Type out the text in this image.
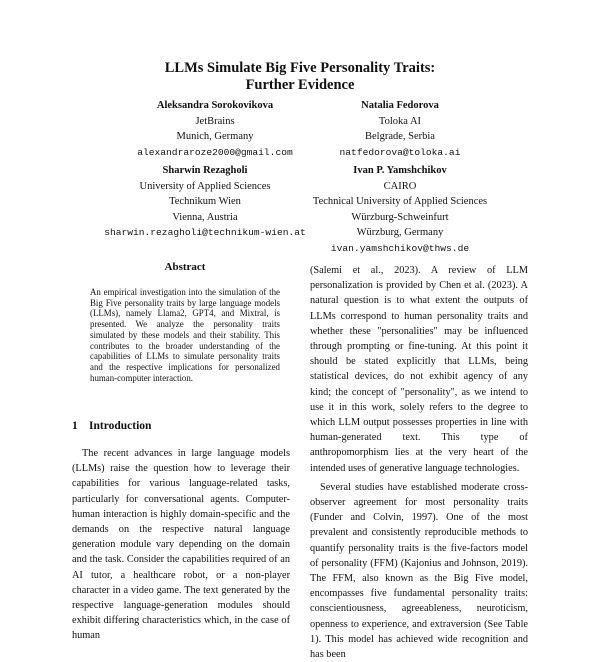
LLMs Simulate Big Five Personality Traits:
Further Evidence
Aleksandra Sorokovikova
JetBrains
Munich, Germany
alexandraroze2000@gmail.com
Natalia Fedorova
Toloka AI
Belgrade, Serbia
natfedorova@toloka.ai
Sharwin Rezagholi
University of Applied Sciences
Technikum Wien
Vienna, Austria
sharwin.rezagholi@technikum-wien.at
Ivan P. Yamshchikov
CAIRO
Technical University of Applied Sciences
Würzburg-Schweinfurt
Würzburg, Germany
ivan.yamshchikov@thws.de
Abstract
An empirical investigation into the simulation of the Big Five personality traits by large language models (LLMs), namely Llama2, GPT4, and Mixtral, is presented. We analyze the personality traits simulated by these models and their stability. This contributes to the broader understanding of the capabilities of LLMs to simulate personality traits and the respective implications for personalized human-computer interaction.
1 Introduction

The recent advances in large language models (LLMs) raise the question how to leverage their capabilities for various language-related tasks, particularly for conversational agents. Computer-human interaction is highly domain-specific and the demands on the respective natural language generation module vary depending on the domain and the task. Consider the capabilities required of an AI tutor, a healthcare robot, or a non-player character in a video game. The text generated by the respective language-generation modules should exhibit differing characteristics which, in the case of human

(Salemi et al., 2023). A review of LLM personalization is provided by Chen et al. (2023). A natural question is to what extent the outputs of LLMs correspond to human personality traits and whether these "personalities" may be influenced through prompting or fine-tuning. At this point it should be stated explicitly that LLMs, being statistical devices, do not exhibit agency of any kind; the concept of "personality", as we intend to use it in this work, solely refers to the degree to which LLM output possesses properties in line with human-generated text. This type of anthropomorphism lies at the very heart of the intended uses of generative language technologies.

Several studies have established moderate cross-observer agreement for most personality traits (Funder and Colvin, 1997). One of the most prevalent and consistently reproducible methods to quantify personality traits is the five-factors model of personality (FFM) (Kajonius and Johnson, 2019). The FFM, also known as the Big Five model, encompasses five fundamental personality traits: conscientiousness, agreeableness, neuroticism, openness to experience, and extraversion (See Table 1). This model has achieved wide recognition and has been
